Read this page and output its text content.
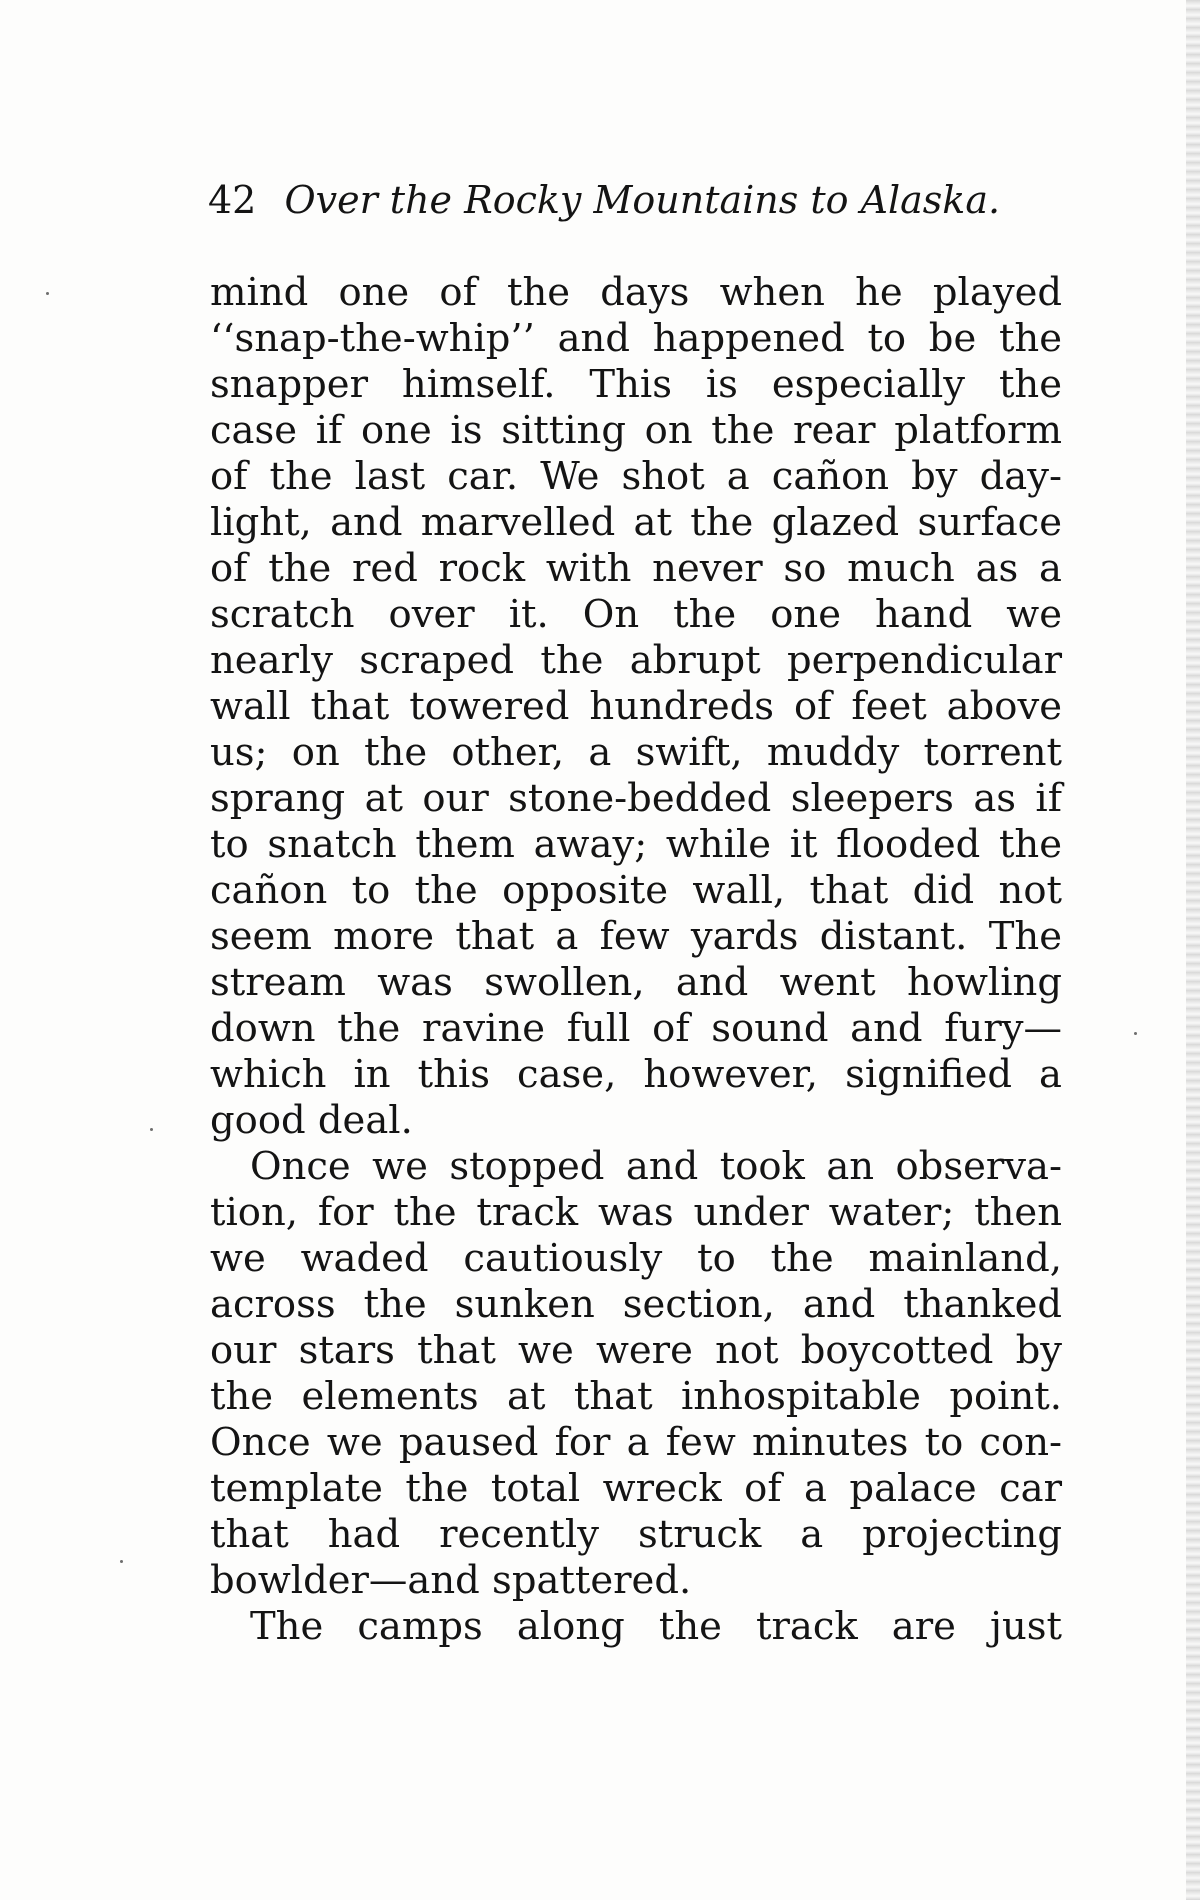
42 Over the Rocky Mountains to Alaska.
mind one of the days when he played
‘‘snap-the-whip’’ and happened to be the
snapper himself. This is especially the
case if one is sitting on the rear platform
of the last car. We shot a cañon by day-
light, and marvelled at the glazed surface
of the red rock with never so much as a
scratch over it. On the one hand we
nearly scraped the abrupt perpendicular
wall that towered hundreds of feet above
us; on the other, a swift, muddy torrent
sprang at our stone-bedded sleepers as if
to snatch them away; while it flooded the
cañon to the opposite wall, that did not
seem more that a few yards distant. The
stream was swollen, and went howling
down the ravine full of sound and fury—
which in this case, however, signified a
good deal.
Once we stopped and took an observa-
tion, for the track was under water; then
we waded cautiously to the mainland,
across the sunken section, and thanked
our stars that we were not boycotted by
the elements at that inhospitable point.
Once we paused for a few minutes to con-
template the total wreck of a palace car
that had recently struck a projecting
bowlder—and spattered.
The camps along the track are just
